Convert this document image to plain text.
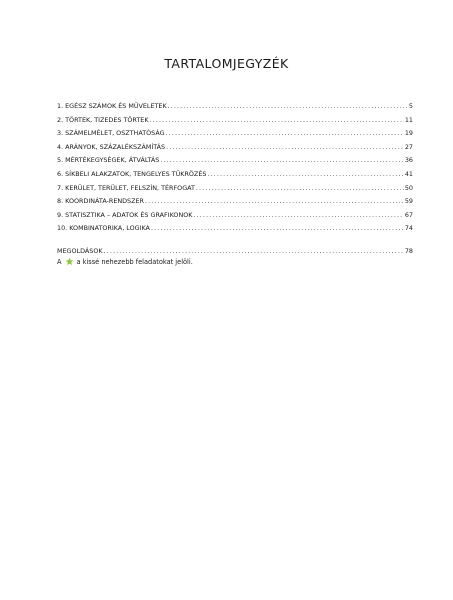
TARTALOMJEGYZÉK
1. EGÉSZ SZÁMOK ÉS MŰVELETEK .....	5
2. TÖRTEK, TIZEDES TÖRTEK .....	11
3. SZÁMELMÉLET, OSZTHATÓSÁG .....	19
4. ARÁNYOK, SZÁZALÉKSZÁMÍTÁS .....	27
5. MÉRTÉKEGYSÉGEK, ÁTVÁLTÁS .....	36
6. SÍKBELI ALAKZATOK, TENGELYES TÜKRÖZÉS .....	41
7. KERÜLET, TERÜLET, FELSZÍN, TÉRFOGAT .....	50
8. KOORDINÁTA-RENDSZER .....	59
9. STATISZTIKA – ADATOK ÉS GRAFIKONOK .....	67
10. KOMBINATORIKA, LOGIKA .....	74
MEGOLDÁSOK .....	78
A a kissé nehezebb feladatokat jelöli.
